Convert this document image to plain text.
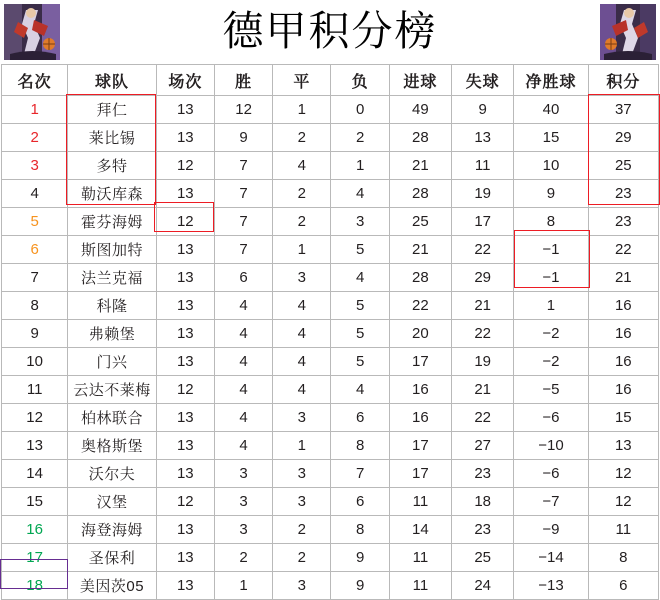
德甲积分榜
名次	球队	场次	胜	平	负	进球	失球	净胜球	积分
1	拜仁	13	12	1	0	49	9	40	37
2	莱比锡	13	9	2	2	28	13	15	29
3	多特	12	7	4	1	21	11	10	25
4	勒沃库森	13	7	2	4	28	19	9	23
5	霍芬海姆	12	7	2	3	25	17	8	23
6	斯图加特	13	7	1	5	21	22	−1	22
7	法兰克福	13	6	3	4	28	29	−1	21
8	科隆	13	4	4	5	22	21	1	16
9	弗赖堡	13	4	4	5	20	22	−2	16
10	门兴	13	4	4	5	17	19	−2	16
11	云达不莱梅	12	4	4	4	16	21	−5	16
12	柏林联合	13	4	3	6	16	22	−6	15
13	奥格斯堡	13	4	1	8	17	27	−10	13
14	沃尔夫	13	3	3	7	17	23	−6	12
15	汉堡	12	3	3	6	11	18	−7	12
16	海登海姆	13	3	2	8	14	23	−9	11
17	圣保利	13	2	2	9	11	25	−14	8
18	美因茨05	13	1	3	9	11	24	−13	6
